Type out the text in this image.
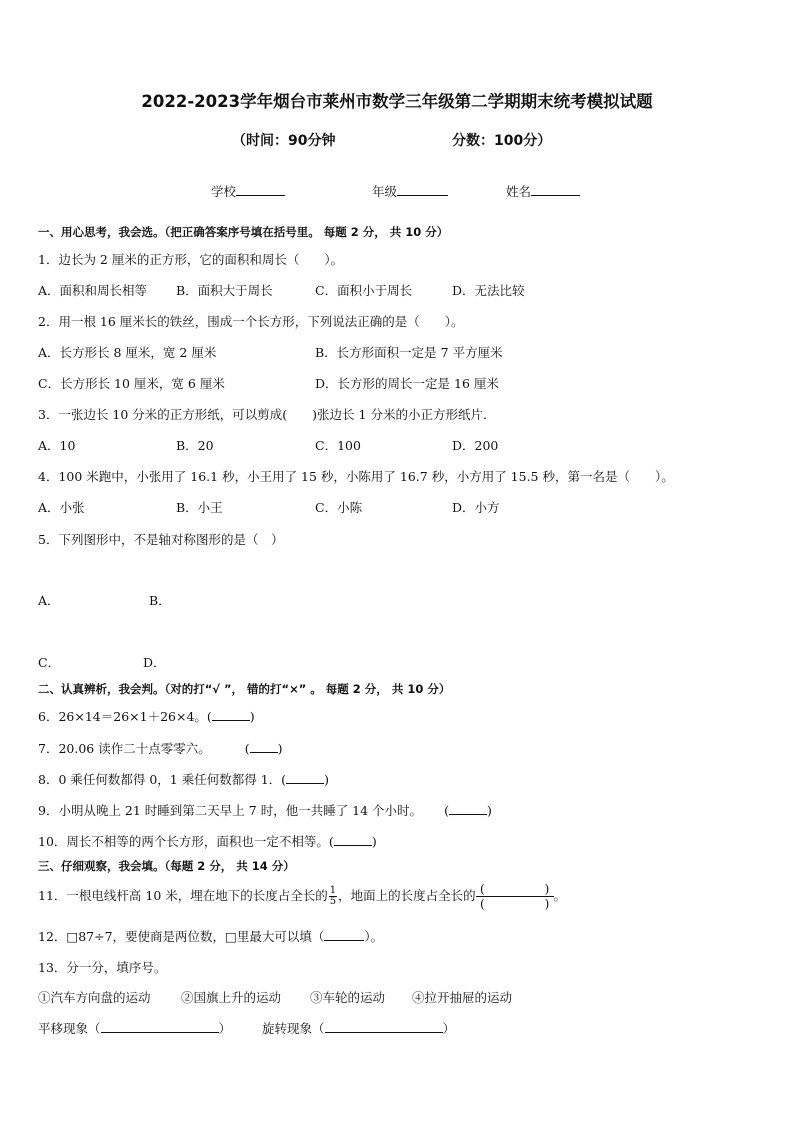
2022-2023学年烟台市莱州市数学三年级第二学期期末统考模拟试题
（时间：90分钟	分数：100分）
学校	年级	姓名
一、用心思考，我会选。（把正确答案序号填在括号里。 每题 2 分， 共 10 分）
1．边长为 2 厘米的正方形，它的面积和周长（　　）。
A．面积和周长相等 B．面积大于周长	C．面积小于周长	D．无法比较
2．用一根 16 厘米长的铁丝，围成一个长方形，下列说法正确的是（　　）。
A．长方形长 8 厘米，宽 2 厘米	B．长方形面积一定是 7 平方厘米
C．长方形长 10 厘米，宽 6 厘米	D．长方形的周长一定是 16 厘米
3．一张边长 10 分米的正方形纸，可以剪成(　　)张边长 1 分米的小正方形纸片．
A．10	B．20	C．100	D．200
4．100 米跑中，小张用了 16.1 秒，小王用了 15 秒，小陈用了 16.7 秒，小方用了 15.5 秒，第一名是（　　）。
A．小张	B．小王	C．小陈	D．小方
5．下列图形中，不是轴对称图形的是（　）
A．	B．
C．	D．
二、认真辨析，我会判。（对的打“√ ”， 错的打“×” 。 每题 2 分， 共 10 分）
6．26×14＝26×1＋26×4。(	)
7．20.06 读作二十点零零六。	( )
8．0 乘任何数都得 0，1 乘任何数都得 1．(	)
9．小明从晚上 21 时睡到第二天早上 7 时，他一共睡了 14 个小时。 (	)
10．周长不相等的两个长方形，面积也一定不相等。(	)
三、仔细观察，我会填。（每题 2 分， 共 14 分）
11．一根电线杆高 10 米，埋在地下的长度占全长的 $\frac{1}{5}$ ，地面上的长度占全长的 (　　　　　)
(　　　　　)
。
12．□87÷7，要使商是两位数，□里最大可以填（	）。
13．分一分，填序号。
①汽车方向盘的运动 ②国旗上升的运动 ③车轮的运动 ④拉开抽屉的运动
平移现象（	） 旋转现象（	）
